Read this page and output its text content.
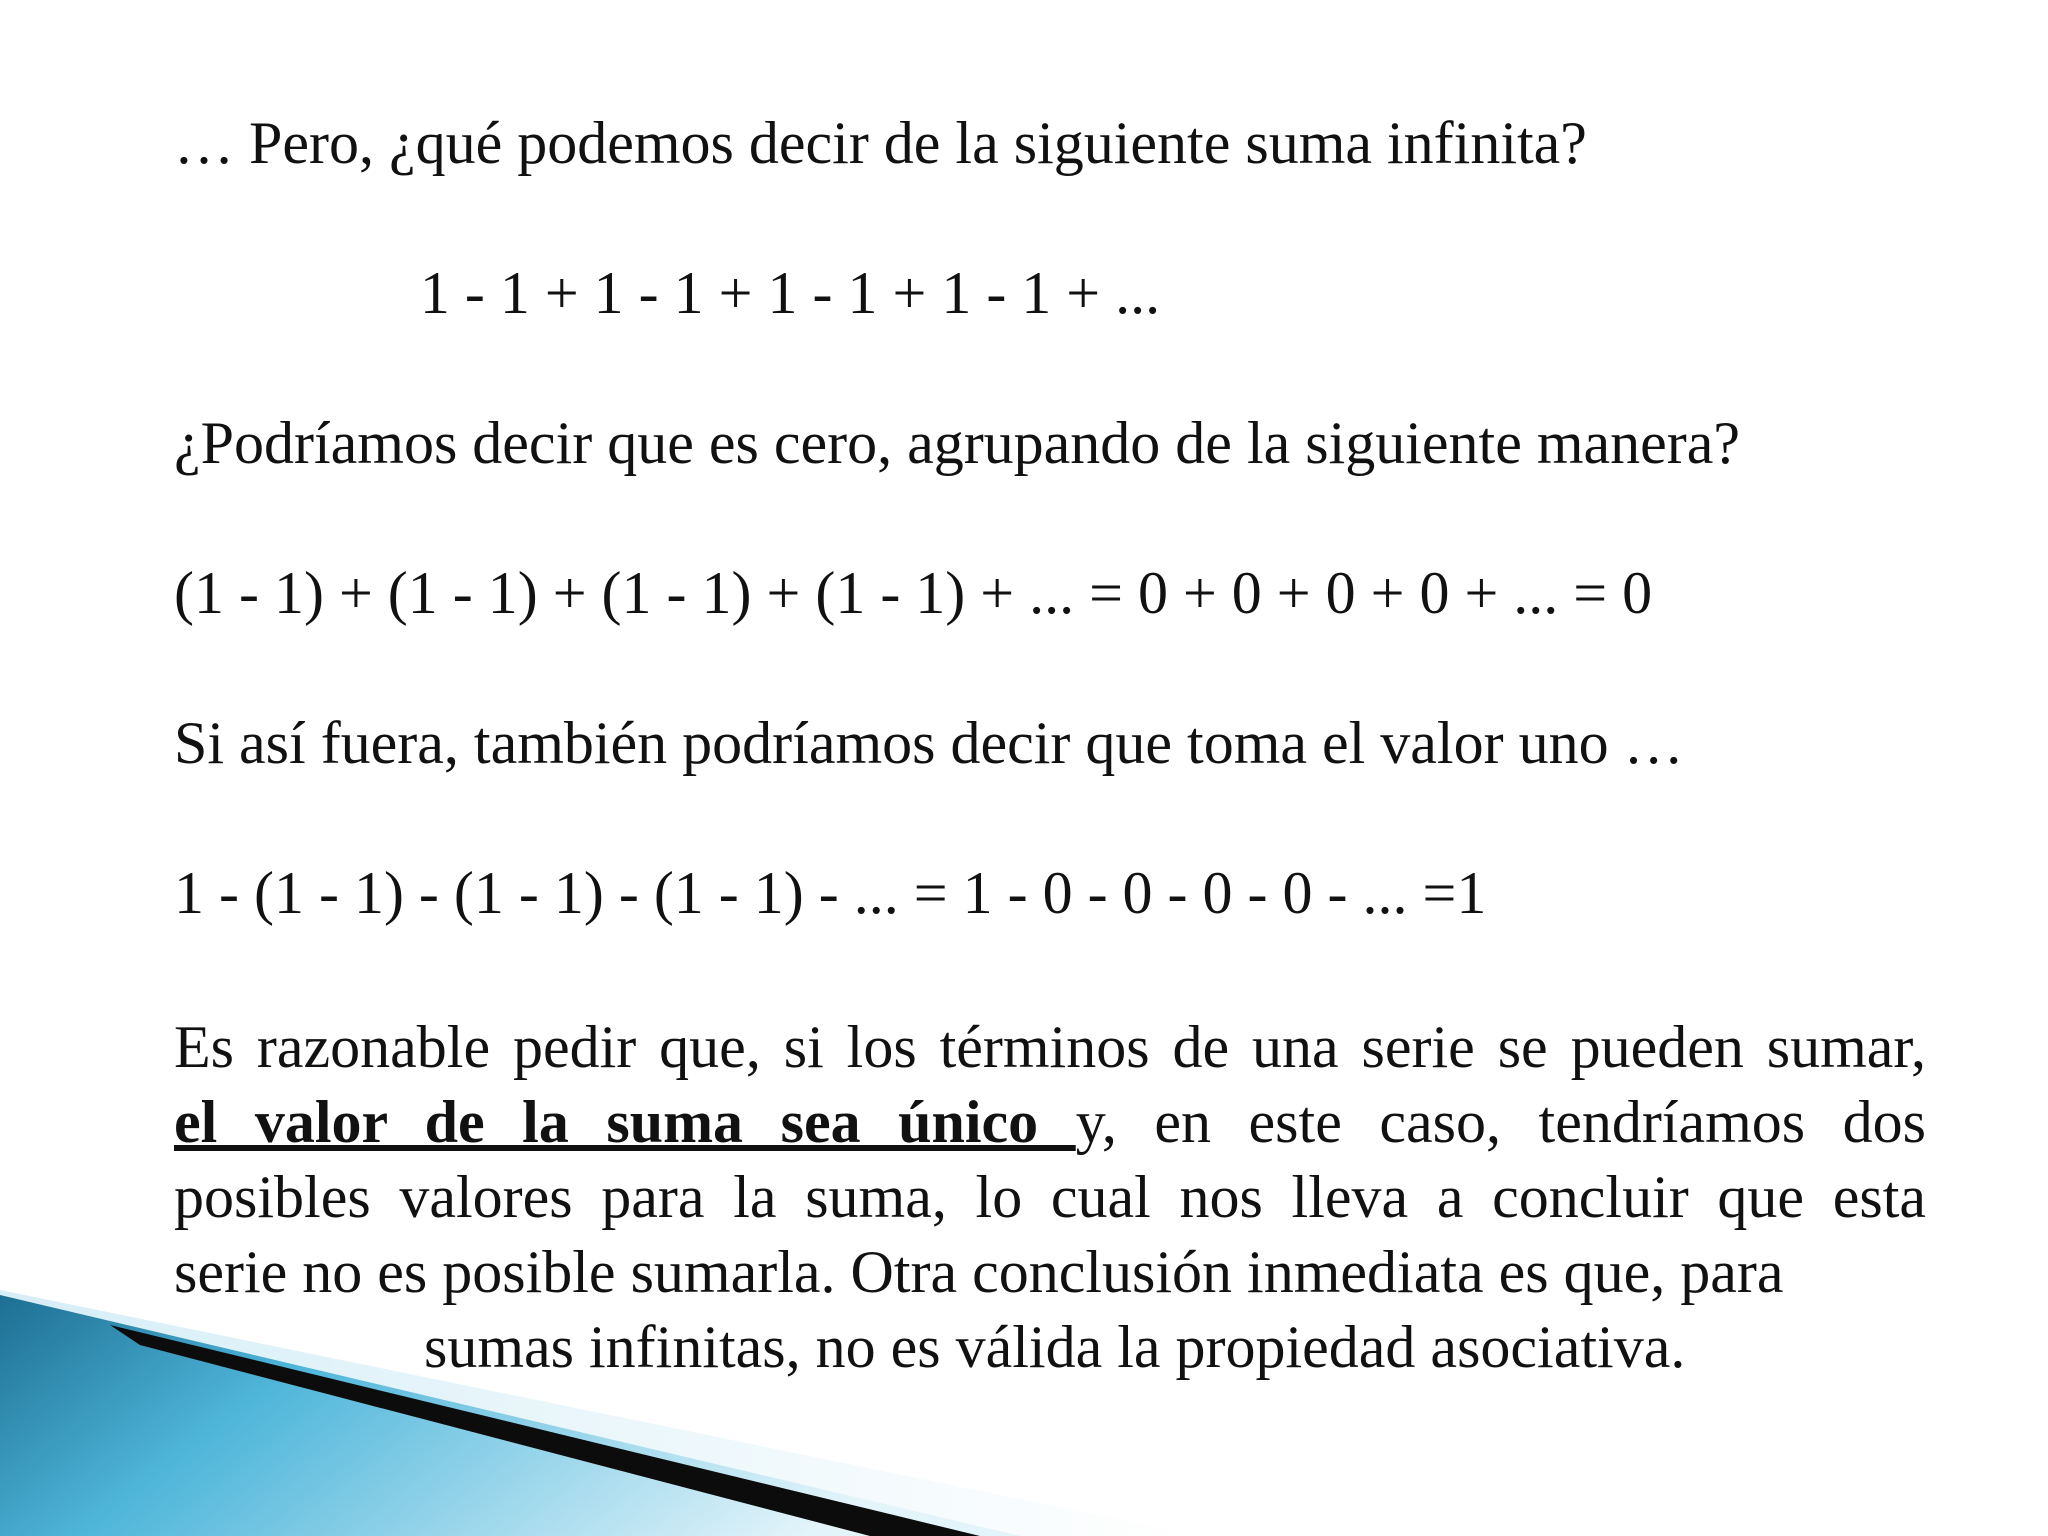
… Pero, ¿qué podemos decir de la siguiente suma infinita?
1 - 1 + 1 - 1 + 1 - 1 + 1 - 1 + ...
¿Podríamos decir que es cero, agrupando de la siguiente manera?
(1 - 1) + (1 - 1) + (1 - 1) + (1 - 1) + ... = 0 + 0 + 0 + 0 + ... = 0
Si así fuera, también podríamos decir que toma el valor uno …
1 - (1 - 1) - (1 - 1) - (1 - 1) - ... = 1 - 0 - 0 - 0 - 0 - ... =1
Es razonable pedir que, si los términos de una serie se pueden sumar,
el valor de la suma sea único y, en este caso, tendríamos dos
posibles valores para la suma, lo cual nos lleva a concluir que esta
serie no es posible sumarla. Otra conclusión inmediata es que, para
sumas infinitas, no es válida la propiedad asociativa.
